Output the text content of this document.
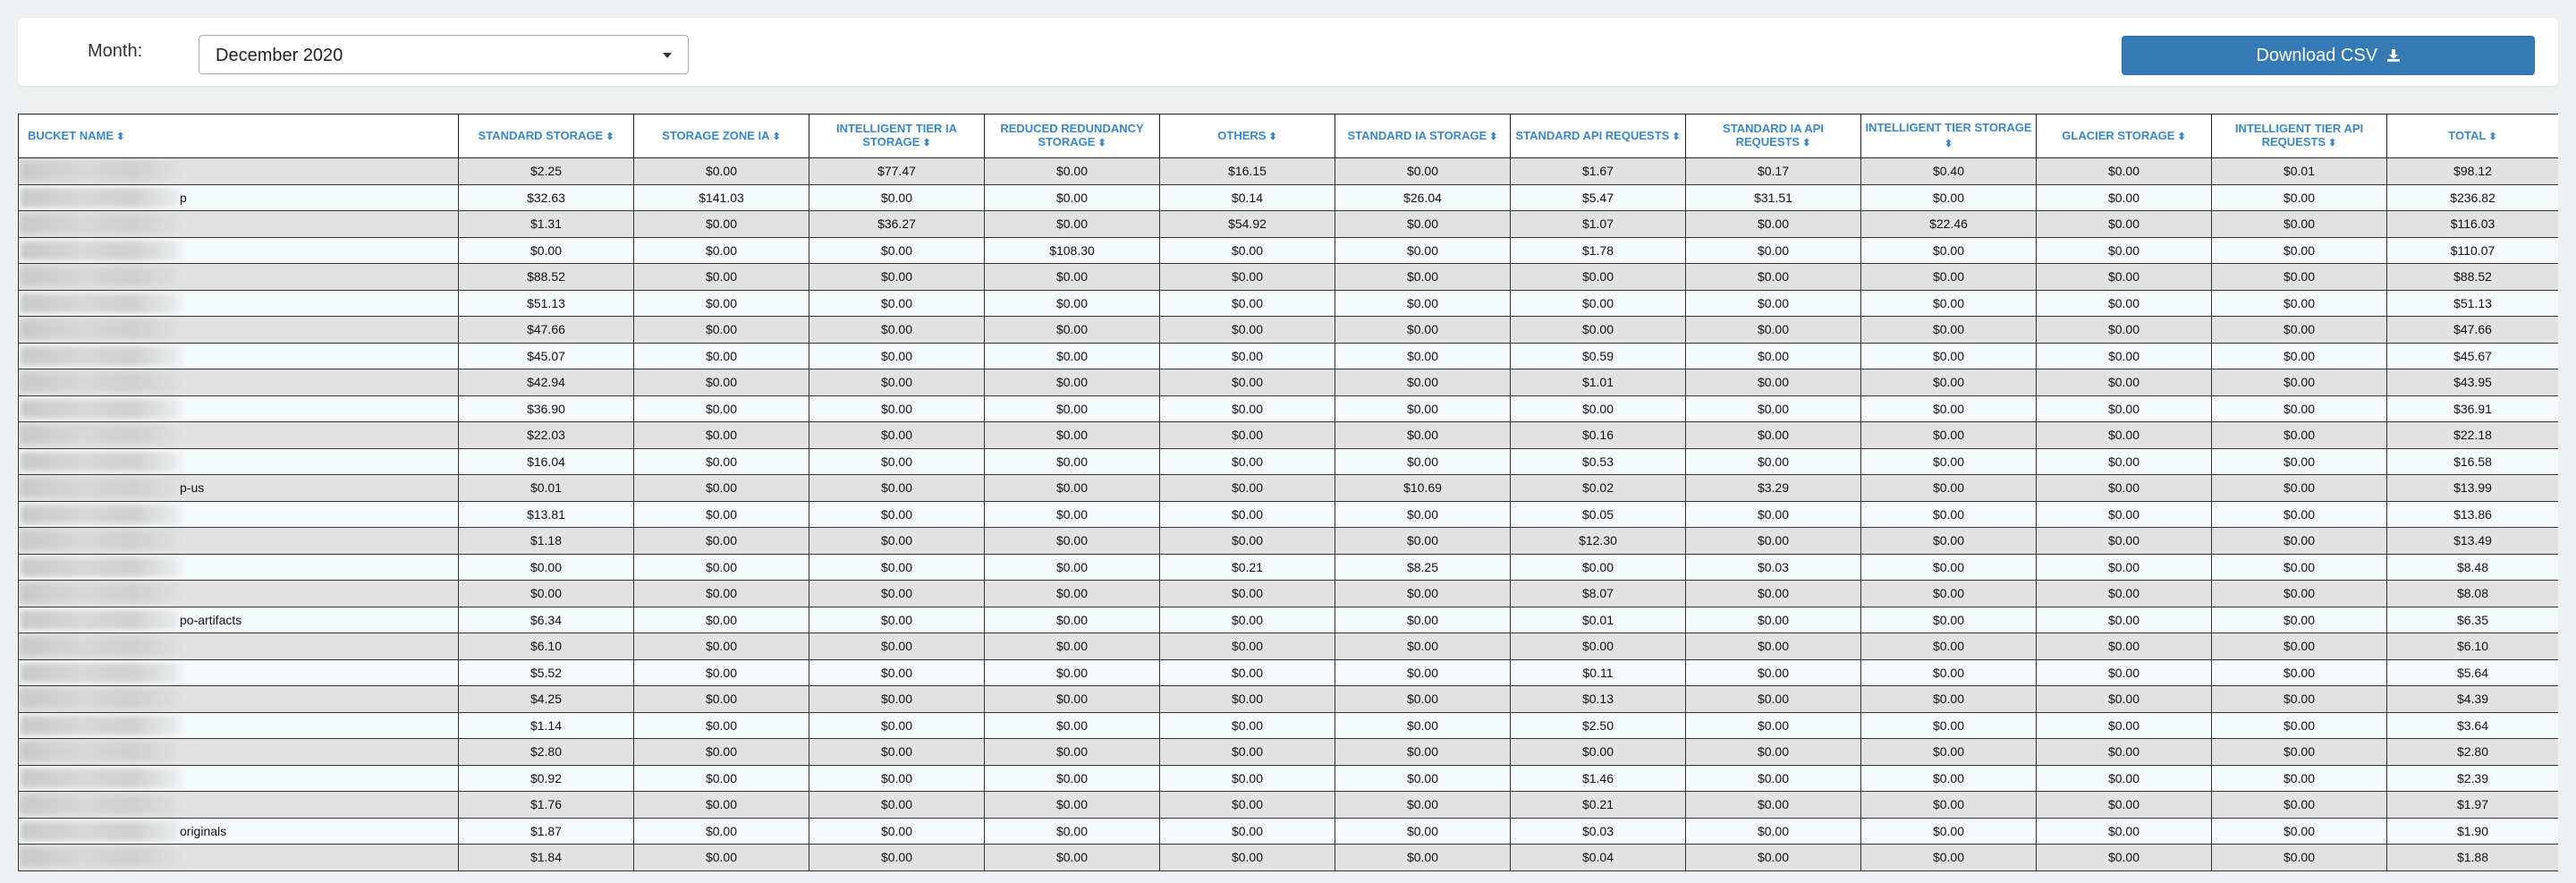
Month:	December 2020	Download CSV
BUCKET NAME ⬍	STANDARD STORAGE ⬍	STORAGE ZONE IA ⬍	INTELLIGENT TIER IA STORAGE ⬍	REDUCED REDUNDANCY STORAGE ⬍	OTHERS ⬍	STANDARD IA STORAGE ⬍	STANDARD API REQUESTS ⬍	STANDARD IA API REQUESTS ⬍	INTELLIGENT TIER STORAGE ⬍	GLACIER STORAGE ⬍	INTELLIGENT TIER API REQUESTS ⬍	TOTAL ⬍

	$2.25	$0.00	$77.47	$0.00	$16.15	$0.00	$1.67	$0.17	$0.40	$0.00	$0.01	$98.12

p	$32.63	$141.03	$0.00	$0.00	$0.14	$26.04	$5.47	$31.51	$0.00	$0.00	$0.00	$236.82

	$1.31	$0.00	$36.27	$0.00	$54.92	$0.00	$1.07	$0.00	$22.46	$0.00	$0.00	$116.03

	$0.00	$0.00	$0.00	$108.30	$0.00	$0.00	$1.78	$0.00	$0.00	$0.00	$0.00	$110.07

	$88.52	$0.00	$0.00	$0.00	$0.00	$0.00	$0.00	$0.00	$0.00	$0.00	$0.00	$88.52

	$51.13	$0.00	$0.00	$0.00	$0.00	$0.00	$0.00	$0.00	$0.00	$0.00	$0.00	$51.13

	$47.66	$0.00	$0.00	$0.00	$0.00	$0.00	$0.00	$0.00	$0.00	$0.00	$0.00	$47.66

	$45.07	$0.00	$0.00	$0.00	$0.00	$0.00	$0.59	$0.00	$0.00	$0.00	$0.00	$45.67

	$42.94	$0.00	$0.00	$0.00	$0.00	$0.00	$1.01	$0.00	$0.00	$0.00	$0.00	$43.95

	$36.90	$0.00	$0.00	$0.00	$0.00	$0.00	$0.00	$0.00	$0.00	$0.00	$0.00	$36.91

	$22.03	$0.00	$0.00	$0.00	$0.00	$0.00	$0.16	$0.00	$0.00	$0.00	$0.00	$22.18

	$16.04	$0.00	$0.00	$0.00	$0.00	$0.00	$0.53	$0.00	$0.00	$0.00	$0.00	$16.58

p-us	$0.01	$0.00	$0.00	$0.00	$0.00	$10.69	$0.02	$3.29	$0.00	$0.00	$0.00	$13.99

	$13.81	$0.00	$0.00	$0.00	$0.00	$0.00	$0.05	$0.00	$0.00	$0.00	$0.00	$13.86

	$1.18	$0.00	$0.00	$0.00	$0.00	$0.00	$12.30	$0.00	$0.00	$0.00	$0.00	$13.49

	$0.00	$0.00	$0.00	$0.00	$0.21	$8.25	$0.00	$0.03	$0.00	$0.00	$0.00	$8.48

	$0.00	$0.00	$0.00	$0.00	$0.00	$0.00	$8.07	$0.00	$0.00	$0.00	$0.00	$8.08

po-artifacts	$6.34	$0.00	$0.00	$0.00	$0.00	$0.00	$0.01	$0.00	$0.00	$0.00	$0.00	$6.35

	$6.10	$0.00	$0.00	$0.00	$0.00	$0.00	$0.00	$0.00	$0.00	$0.00	$0.00	$6.10

	$5.52	$0.00	$0.00	$0.00	$0.00	$0.00	$0.11	$0.00	$0.00	$0.00	$0.00	$5.64

	$4.25	$0.00	$0.00	$0.00	$0.00	$0.00	$0.13	$0.00	$0.00	$0.00	$0.00	$4.39

	$1.14	$0.00	$0.00	$0.00	$0.00	$0.00	$2.50	$0.00	$0.00	$0.00	$0.00	$3.64

	$2.80	$0.00	$0.00	$0.00	$0.00	$0.00	$0.00	$0.00	$0.00	$0.00	$0.00	$2.80

	$0.92	$0.00	$0.00	$0.00	$0.00	$0.00	$1.46	$0.00	$0.00	$0.00	$0.00	$2.39

	$1.76	$0.00	$0.00	$0.00	$0.00	$0.00	$0.21	$0.00	$0.00	$0.00	$0.00	$1.97

originals	$1.87	$0.00	$0.00	$0.00	$0.00	$0.00	$0.03	$0.00	$0.00	$0.00	$0.00	$1.90

	$1.84	$0.00	$0.00	$0.00	$0.00	$0.00	$0.04	$0.00	$0.00	$0.00	$0.00	$1.88
